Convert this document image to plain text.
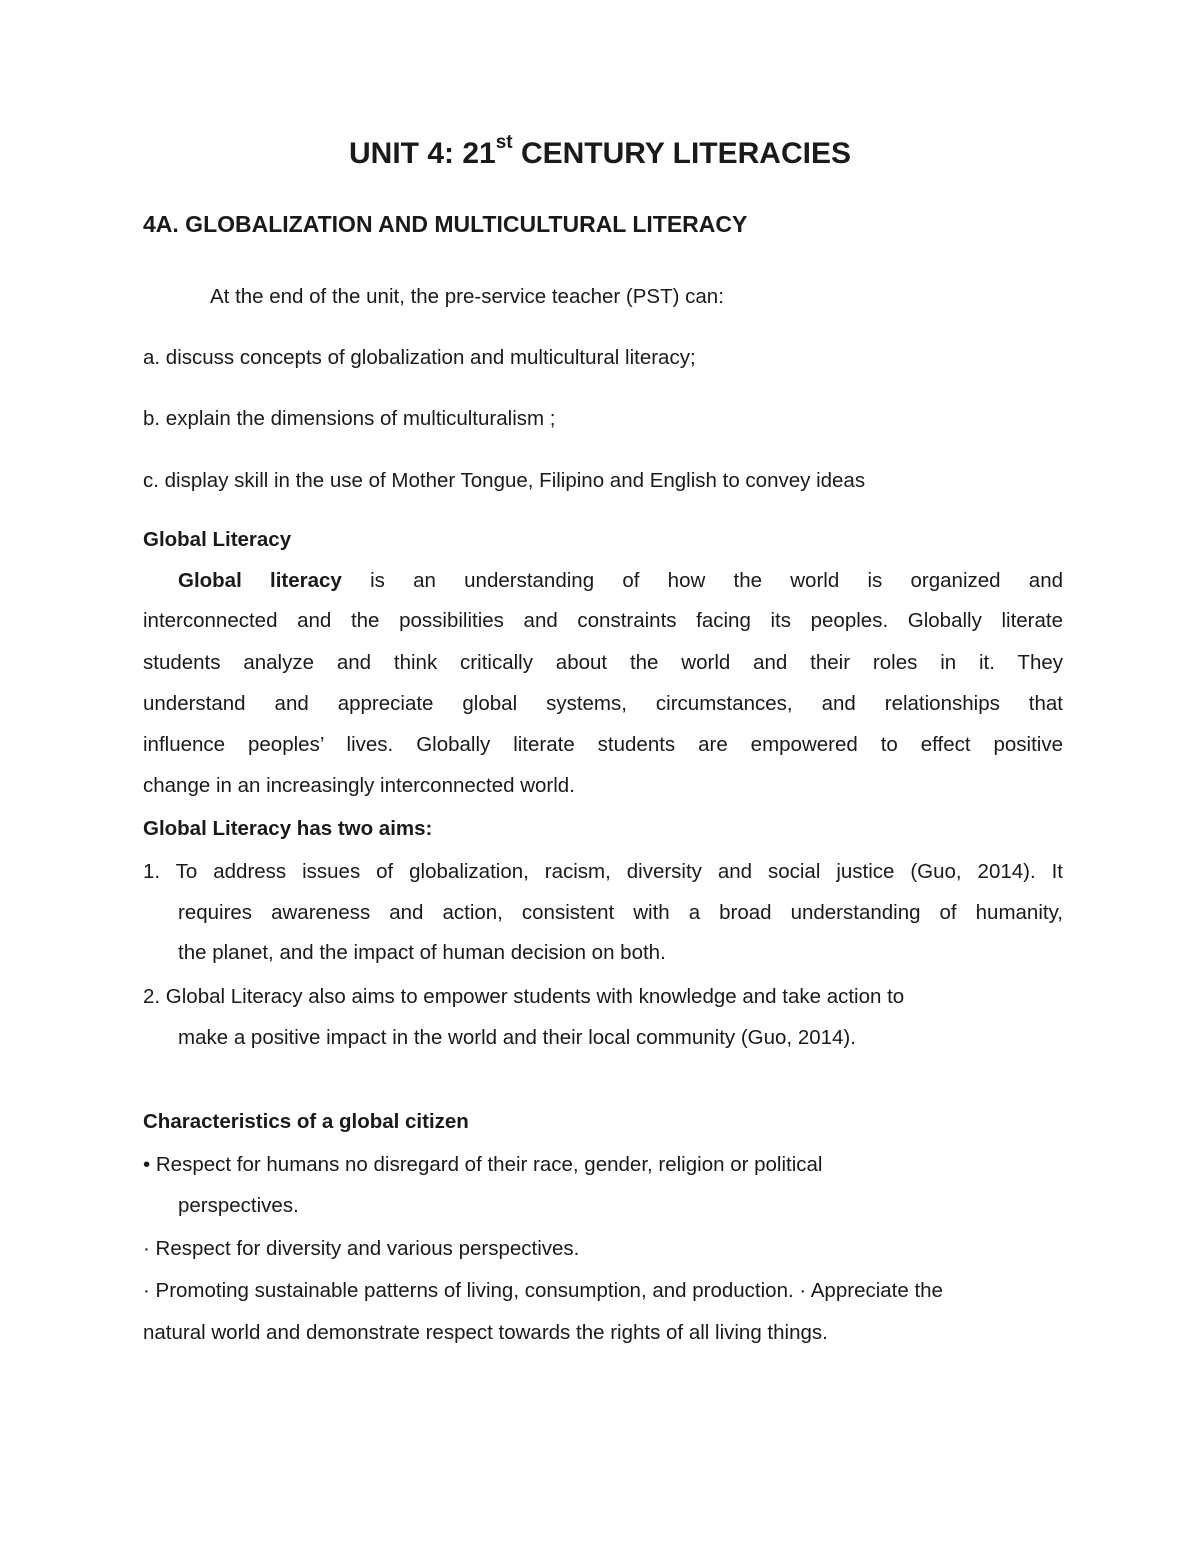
UNIT 4: 21st CENTURY LITERACIES
4A. GLOBALIZATION AND MULTICULTURAL LITERACY
At the end of the unit, the pre-service teacher (PST) can:
a. discuss concepts of globalization and multicultural literacy;
b. explain the dimensions of multiculturalism ;
c. display skill in the use of Mother Tongue, Filipino and English to convey ideas
Global Literacy
Global literacy is an understanding of how the world is organized and
interconnected and the possibilities and constraints facing its peoples. Globally literate
students analyze and think critically about the world and their roles in it. They
understand and appreciate global systems, circumstances, and relationships that
influence peoples’ lives. Globally literate students are empowered to effect positive
change in an increasingly interconnected world.
Global Literacy has two aims:
1. To address issues of globalization, racism, diversity and social justice (Guo, 2014). It
requires awareness and action, consistent with a broad understanding of humanity,
the planet, and the impact of human decision on both.
2. Global Literacy also aims to empower students with knowledge and take action to
make a positive impact in the world and their local community (Guo, 2014).
Characteristics of a global citizen
• Respect for humans no disregard of their race, gender, religion or political
perspectives.
· Respect for diversity and various perspectives.
· Promoting sustainable patterns of living, consumption, and production. · Appreciate the
natural world and demonstrate respect towards the rights of all living things.
